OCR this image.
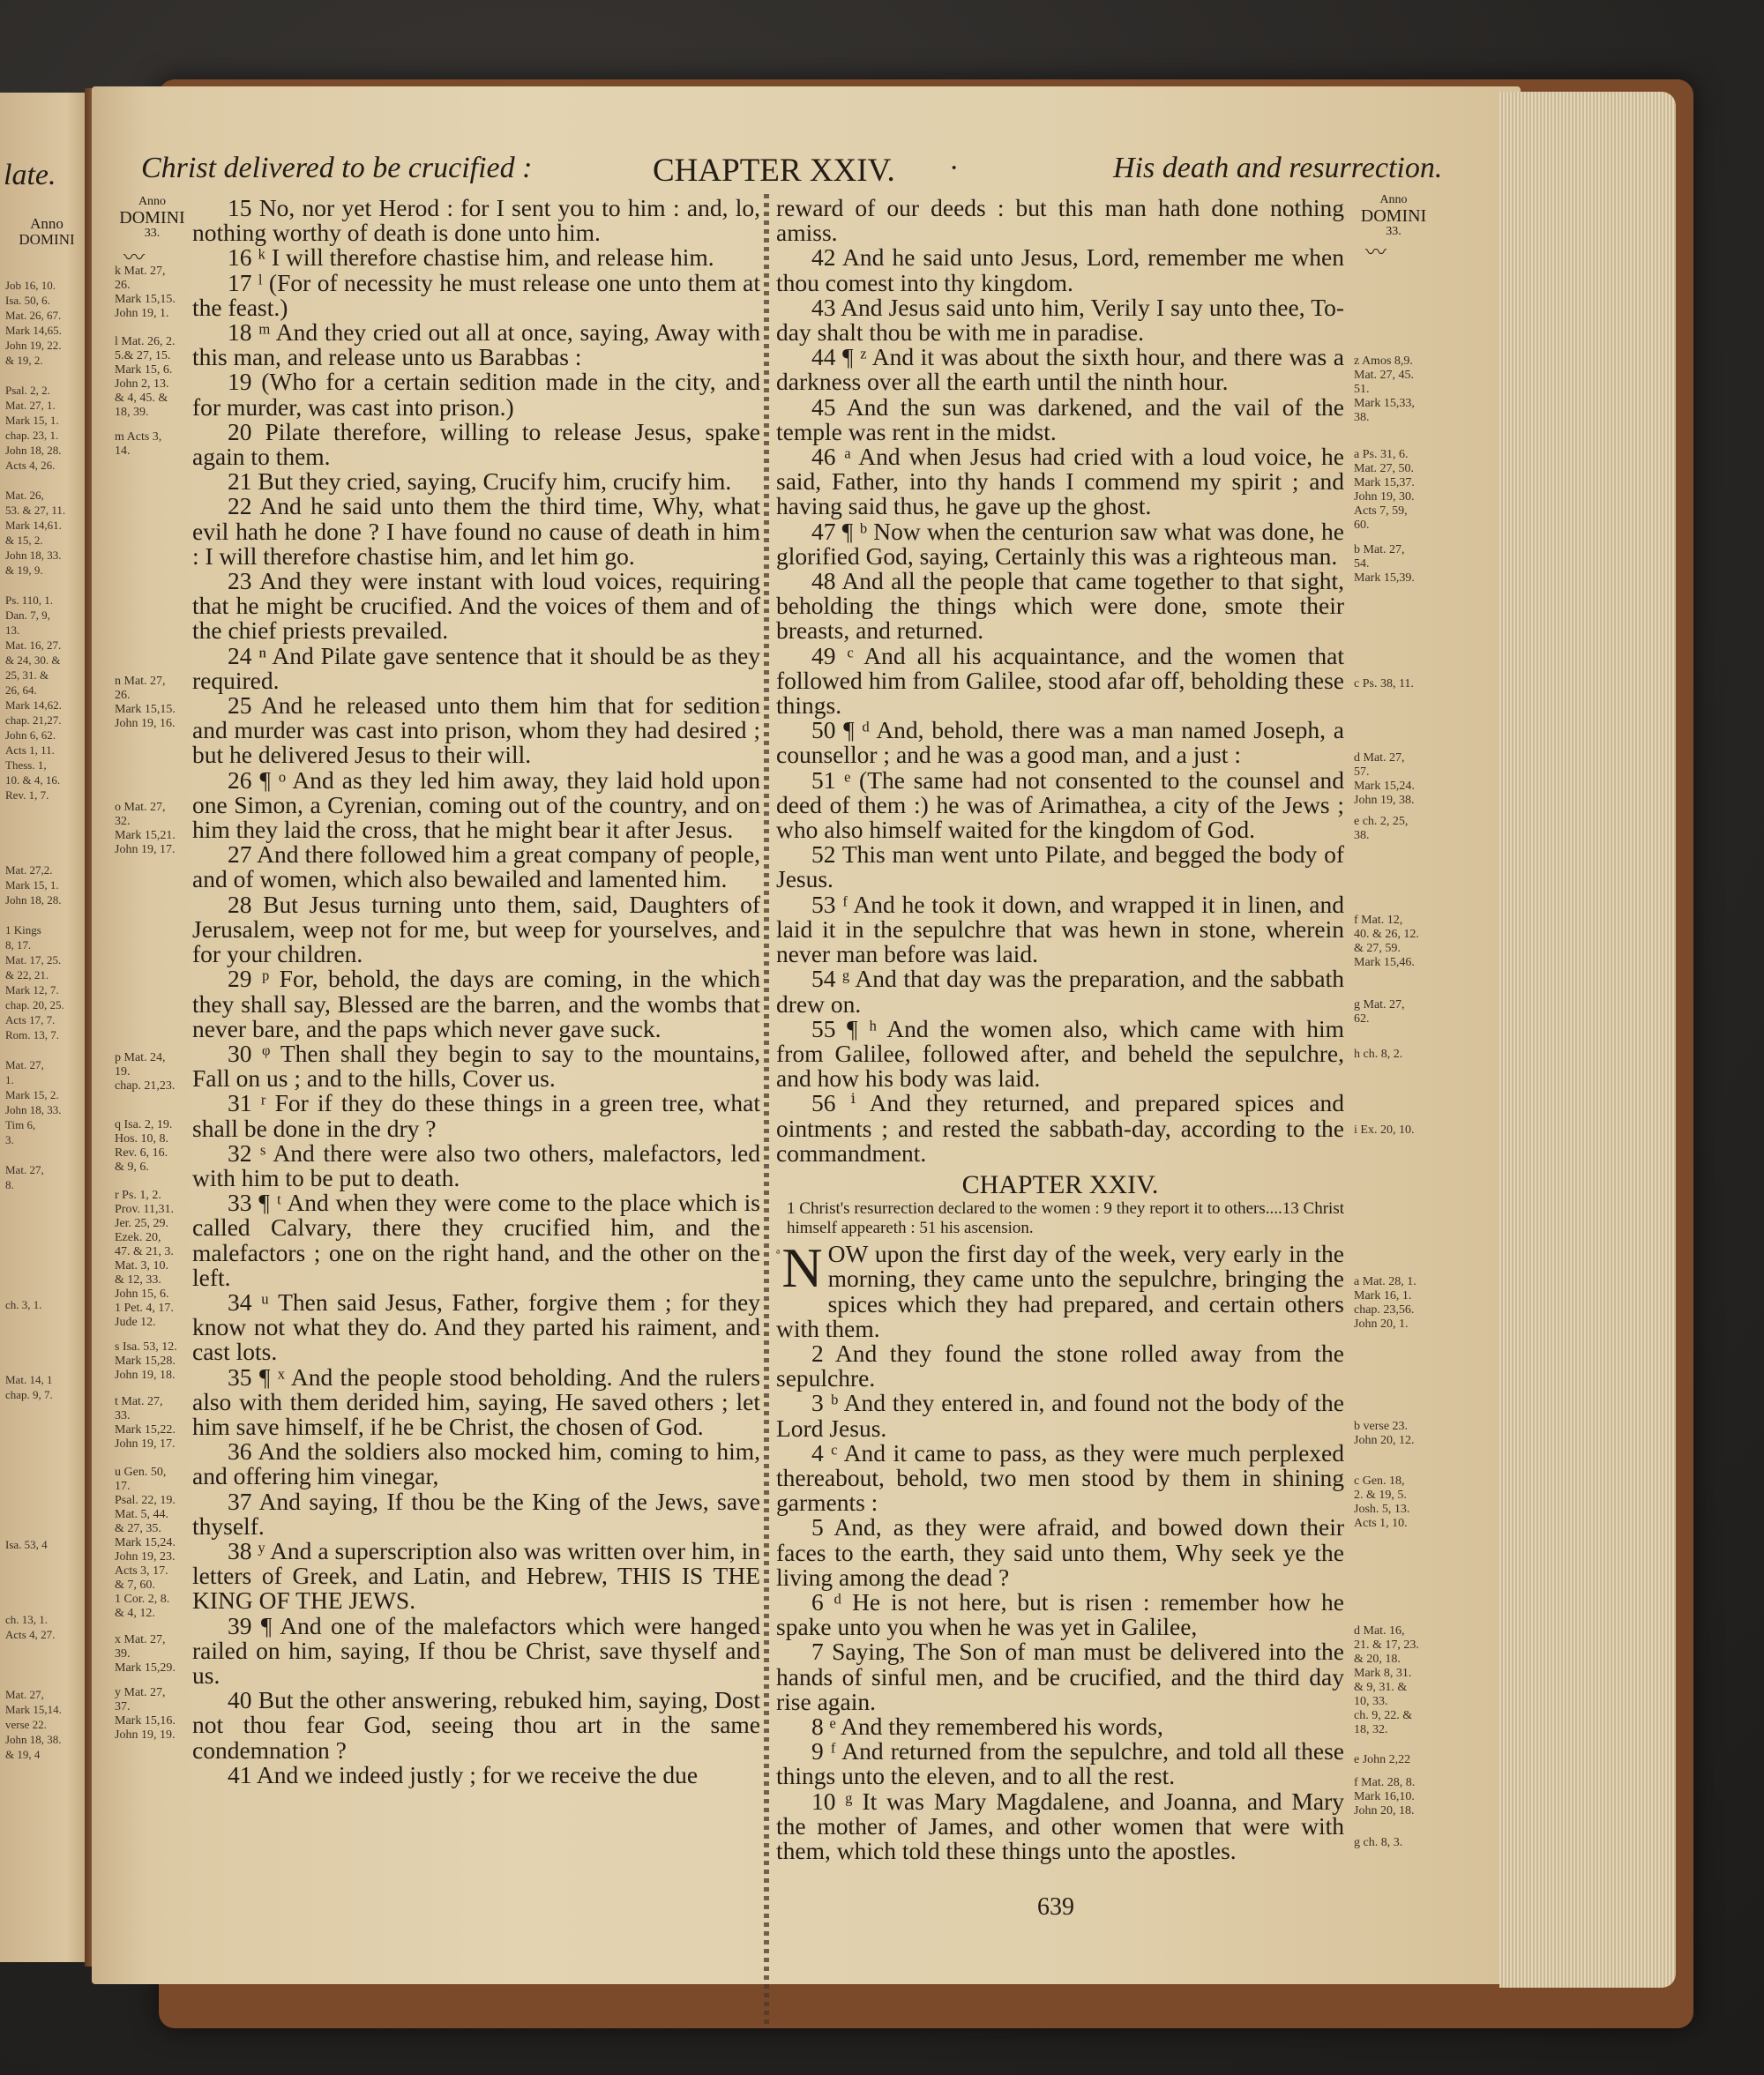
late.
Anno DOMINI
Job 16, 10.
Isa. 50, 6.
Mat. 26, 67.
Mark 14,65.
John 19, 22.
& 19, 2.

Psal. 2, 2.
Mat. 27, 1.
Mark 15, 1.
chap. 23, 1.
John 18, 28.
Acts 4, 26.

Mat. 26,
53. & 27, 11.
Mark 14,61.
& 15, 2.
John 18, 33.
& 19, 9.

Ps. 110, 1.
Dan. 7, 9,
13.
Mat. 16, 27.
& 24, 30. &
25, 31. &
26, 64.
Mark 14,62.
chap. 21,27.
John 6, 62.
Acts 1, 11.
Thess. 1,
10. & 4, 16.
Rev. 1, 7.

Mat. 27,2.
Mark 15, 1.
John 18, 28.

1 Kings
8, 17.
Mat. 17, 25.
& 22, 21.
Mark 12, 7.
chap. 20, 25.
Acts 17, 7.
Rom. 13, 7.

Mat. 27,
1.
Mark 15, 2.
John 18, 33.
Tim 6,
3.

Mat. 27,
8.

ch. 3, 1.

Mat. 14, 1
chap. 9, 7.

Isa. 53, 4

ch. 13, 1.
Acts 4, 27.

Mat. 27,
Mark 15,14.
verse 22.
John 18, 38.
& 19, 4
Christ delivered to be crucified :	CHAPTER XXIV. ·	His death and resurrection.
Anno
DOMINI
33.
〰
Anno
DOMINI
33.
〰
k Mat. 27,
26.
Mark 15,15.
John 19, 1.
l Mat. 26, 2.
5.& 27, 15.
Mark 15, 6.
John 2, 13.
& 4, 45. &
18, 39.
m Acts 3,
14.
n Mat. 27,
26.
Mark 15,15.
John 19, 16.
o Mat. 27,
32.
Mark 15,21.
John 19, 17.
p Mat. 24,
19.
chap. 21,23.
q Isa. 2, 19.
Hos. 10, 8.
Rev. 6, 16.
& 9, 6.
r Ps. 1, 2.
Prov. 11,31.
Jer. 25, 29.
Ezek. 20,
47. & 21, 3.
Mat. 3, 10.
& 12, 33.
John 15, 6.
1 Pet. 4, 17.
Jude 12.
s Isa. 53, 12.
Mark 15,28.
John 19, 18.
t Mat. 27,
33.
Mark 15,22.
John 19, 17.
u Gen. 50,
17.
Psal. 22, 19.
Mat. 5, 44.
& 27, 35.
Mark 15,24.
John 19, 23.
Acts 3, 17.
& 7, 60.
1 Cor. 2, 8.
& 4, 12.
x Mat. 27,
39.
Mark 15,29.
y Mat. 27,
37.
Mark 15,16.
John 19, 19.
z Amos 8,9.
Mat. 27, 45.
51.
Mark 15,33,
38.
a Ps. 31, 6.
Mat. 27, 50.
Mark 15,37.
John 19, 30.
Acts 7, 59,
60.
b Mat. 27,
54.
Mark 15,39.
c Ps. 38, 11.
d Mat. 27,
57.
Mark 15,24.
John 19, 38.
e ch. 2, 25,
38.
f Mat. 12,
40. & 26, 12.
& 27, 59.
Mark 15,46.
g Mat. 27,
62.
h ch. 8, 2.
i Ex. 20, 10.
a Mat. 28, 1.
Mark 16, 1.
chap. 23,56.
John 20, 1.
b verse 23.
John 20, 12.
c Gen. 18,
2. & 19, 5.
Josh. 5, 13.
Acts 1, 10.
d Mat. 16,
21. & 17, 23.
& 20, 18.
Mark 8, 31.
& 9, 31. &
10, 33.
ch. 9, 22. &
18, 32.
e John 2,22
f Mat. 28, 8.
Mark 16,10.
John 20, 18.
g ch. 8, 3.

15 No, nor yet Herod : for I sent you to him : and, lo, nothing worthy of death is done unto him.

16 ᵏ I will therefore chastise him, and release him.

17 ˡ (For of necessity he must release one unto them at the feast.)

18 ᵐ And they cried out all at once, saying, Away with this man, and release unto us Barabbas :

19 (Who for a certain sedition made in the city, and for murder, was cast into prison.)

20 Pilate therefore, willing to release Jesus, spake again to them.

21 But they cried, saying, Crucify him, crucify him.

22 And he said unto them the third time, Why, what evil hath he done ? I have found no cause of death in him : I will therefore chastise him, and let him go.

23 And they were instant with loud voices, requiring that he might be crucified. And the voices of them and of the chief priests prevailed.

24 ⁿ And Pilate gave sentence that it should be as they required.

25 And he released unto them him that for sedition and murder was cast into prison, whom they had desired ; but he delivered Jesus to their will.

26 ¶ ᵒ And as they led him away, they laid hold upon one Simon, a Cyrenian, coming out of the country, and on him they laid the cross, that he might bear it after Jesus.

27 And there followed him a great company of people, and of women, which also bewailed and lamented him.

28 But Jesus turning unto them, said, Daughters of Jerusalem, weep not for me, but weep for yourselves, and for your children.

29 ᵖ For, behold, the days are coming, in the which they shall say, Blessed are the barren, and the wombs that never bare, and the paps which never gave suck.

30 ᵠ Then shall they begin to say to the mountains, Fall on us ; and to the hills, Cover us.

31 ʳ For if they do these things in a green tree, what shall be done in the dry ?

32 ˢ And there were also two others, malefactors, led with him to be put to death.

33 ¶ ᵗ And when they were come to the place which is called Calvary, there they crucified him, and the malefactors ; one on the right hand, and the other on the left.

34 ᵘ Then said Jesus, Father, forgive them ; for they know not what they do. And they parted his raiment, and cast lots.

35 ¶ ˣ And the people stood beholding. And the rulers also with them derided him, saying, He saved others ; let him save himself, if he be Christ, the chosen of God.

36 And the soldiers also mocked him, coming to him, and offering him vinegar,

37 And saying, If thou be the King of the Jews, save thyself.

38 ʸ And a superscription also was written over him, in letters of Greek, and Latin, and Hebrew, THIS IS THE KING OF THE JEWS.

39 ¶ And one of the malefactors which were hanged railed on him, saying, If thou be Christ, save thyself and us.

40 But the other answering, rebuked him, saying, Dost not thou fear God, seeing thou art in the same condemnation ?

41 And we indeed justly ; for we receive the due

reward of our deeds : but this man hath done nothing amiss.

42 And he said unto Jesus, Lord, remember me when thou comest into thy kingdom.

43 And Jesus said unto him, Verily I say unto thee, To-day shalt thou be with me in paradise.

44 ¶ ᶻ And it was about the sixth hour, and there was a darkness over all the earth until the ninth hour.

45 And the sun was darkened, and the vail of the temple was rent in the midst.

46 ᵃ And when Jesus had cried with a loud voice, he said, Father, into thy hands I commend my spirit ; and having said thus, he gave up the ghost.

47 ¶ ᵇ Now when the centurion saw what was done, he glorified God, saying, Certainly this was a righteous man.

48 And all the people that came together to that sight, beholding the things which were done, smote their breasts, and returned.

49 ᶜ And all his acquaintance, and the women that followed him from Galilee, stood afar off, beholding these things.

50 ¶ ᵈ And, behold, there was a man named Joseph, a counsellor ; and he was a good man, and a just :

51 ᵉ (The same had not consented to the counsel and deed of them :) he was of Arimathea, a city of the Jews ; who also himself waited for the kingdom of God.

52 This man went unto Pilate, and begged the body of Jesus.

53 ᶠ And he took it down, and wrapped it in linen, and laid it in the sepulchre that was hewn in stone, wherein never man before was laid.

54 ᵍ And that day was the preparation, and the sabbath drew on.

55 ¶ ʰ And the women also, which came with him from Galilee, followed after, and beheld the sepulchre, and how his body was laid.

56 ⁱ And they returned, and prepared spices and ointments ; and rested the sabbath-day, according to the commandment.

CHAPTER XXIV.

1 Christ's resurrection declared to the women : 9 they report it to others....13 Christ himself appeareth : 51 his ascension.

ᵃ N OW upon the first day of the week, very early in the morning, they came unto the sepulchre, bringing the spices which they had prepared, and certain others with them.

2 And they found the stone rolled away from the sepulchre.

3 ᵇ And they entered in, and found not the body of the Lord Jesus.

4 ᶜ And it came to pass, as they were much perplexed thereabout, behold, two men stood by them in shining garments :

5 And, as they were afraid, and bowed down their faces to the earth, they said unto them, Why seek ye the living among the dead ?

6 ᵈ He is not here, but is risen : remember how he spake unto you when he was yet in Galilee,

7 Saying, The Son of man must be delivered into the hands of sinful men, and be crucified, and the third day rise again.

8 ᵉ And they remembered his words,

9 ᶠ And returned from the sepulchre, and told all these things unto the eleven, and to all the rest.

10 ᵍ It was Mary Magdalene, and Joanna, and Mary the mother of James, and other women that were with them, which told these things unto the apostles.

639
